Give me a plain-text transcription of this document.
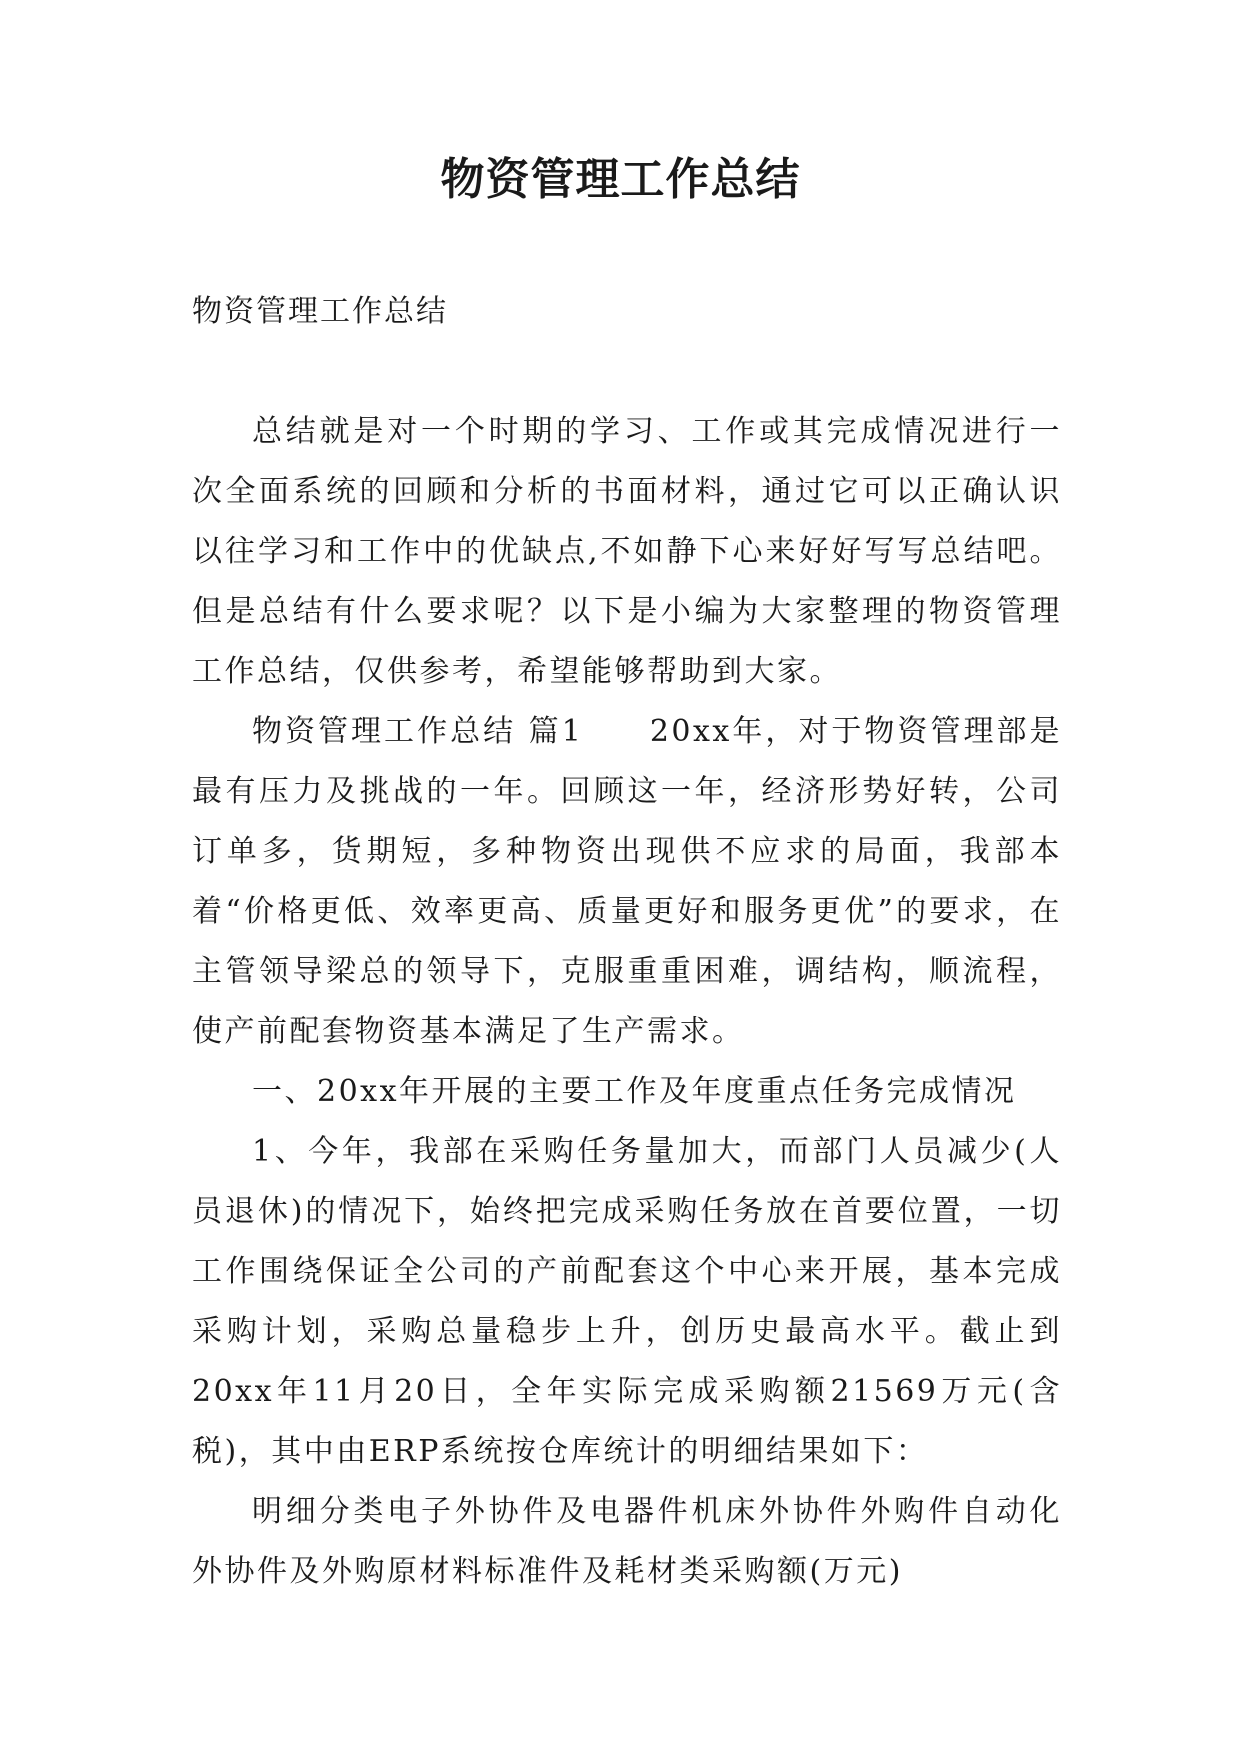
物资管理工作总结

物资管理工作总结

总结就是对一个时期的学习、工作或其完成情况进行一次全面系统的回顾和分析的书面材料，通过它可以正确认识以往学习和工作中的优缺点,不如静下心来好好写写总结吧。但是总结有什么要求呢？以下是小编为大家整理的物资管理工作总结，仅供参考，希望能够帮助到大家。

物资管理工作总结 篇1　　20xx年，对于物资管理部是最有压力及挑战的一年。回顾这一年，经济形势好转，公司订单多，货期短，多种物资出现供不应求的局面，我部本着“价格更低、效率更高、质量更好和服务更优”的要求，在主管领导梁总的领导下，克服重重困难，调结构，顺流程，使产前配套物资基本满足了生产需求。

一、20xx年开展的主要工作及年度重点任务完成情况

1、今年，我部在采购任务量加大，而部门人员减少(人员退休)的情况下，始终把完成采购任务放在首要位置，一切工作围绕保证全公司的产前配套这个中心来开展，基本完成采购计划，采购总量稳步上升，创历史最高水平。截止到20xx年11月20日，全年实际完成采购额21569万元(含税)，其中由ERP系统按仓库统计的明细结果如下：

明细分类电子外协件及电器件机床外协件外购件自动化外协件及外购原材料标准件及耗材类采购额(万元)
